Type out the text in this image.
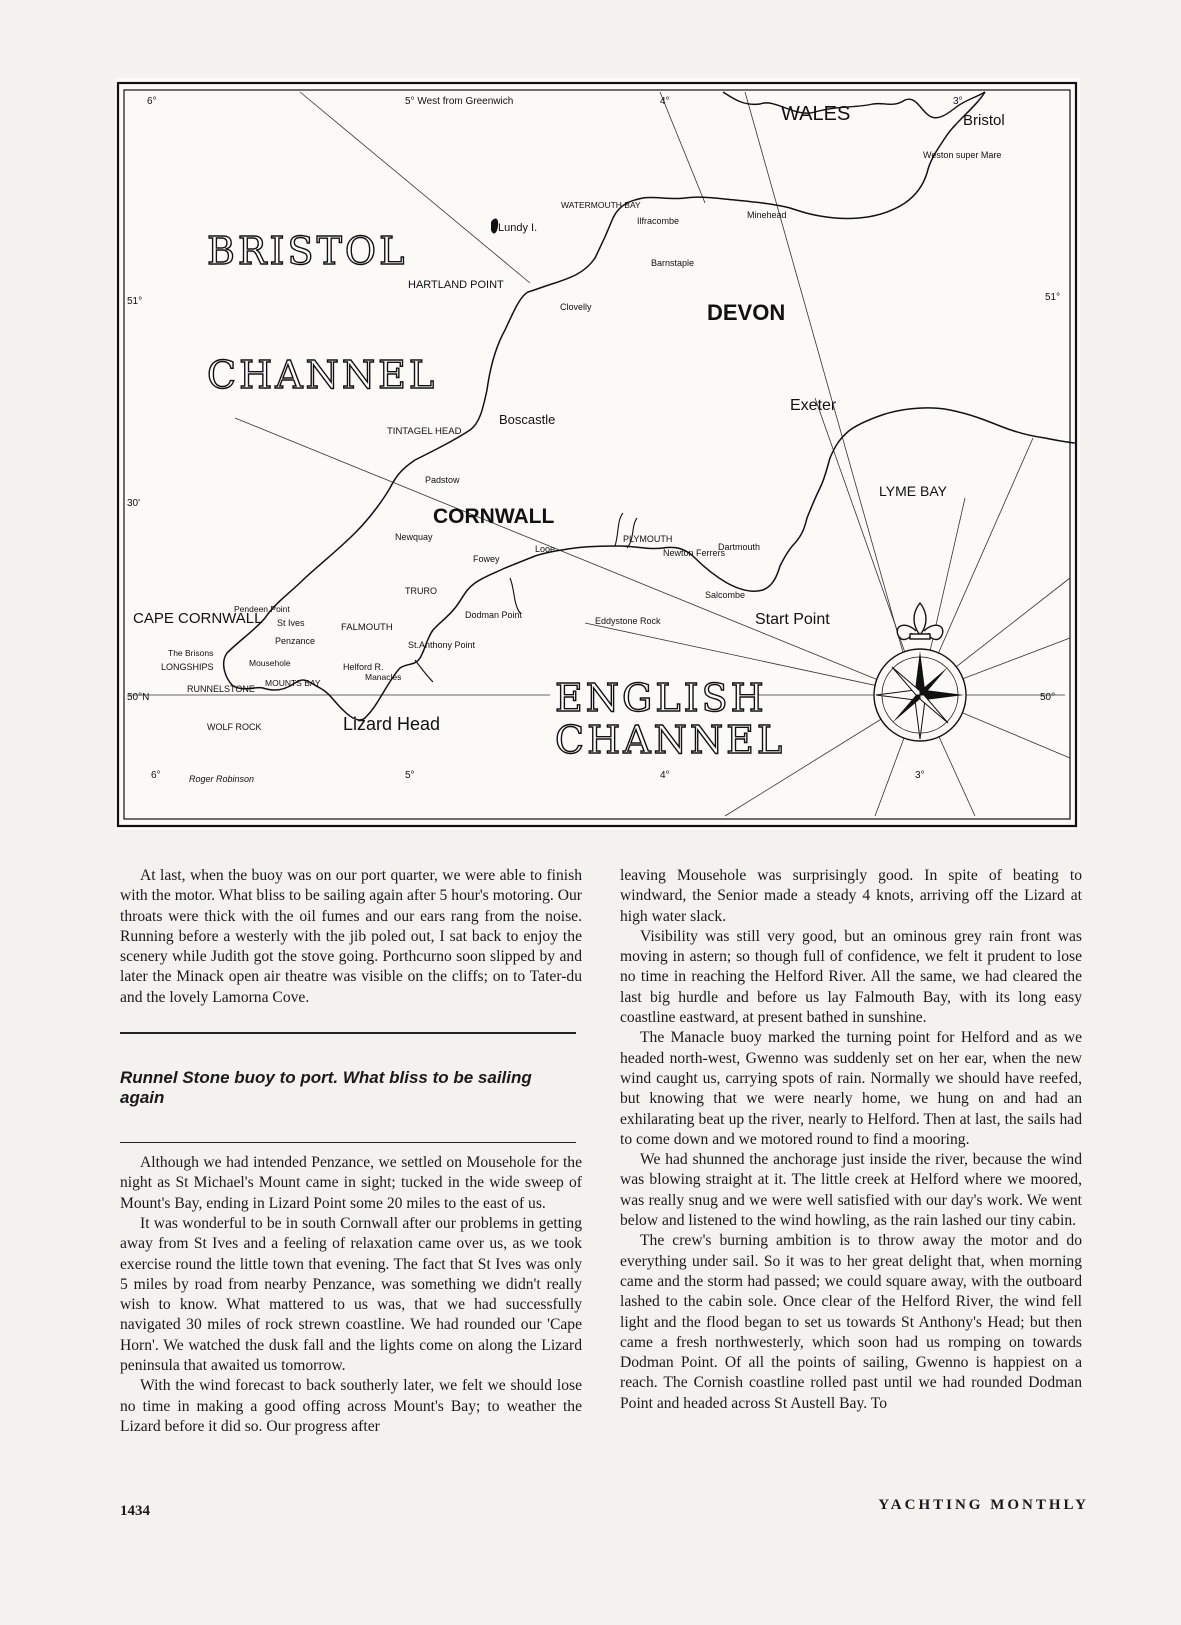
6°	5° West from Greenwich	4°	3°
6°	5°	4°	3°
51°	51°
30'
50°N	50°
BRISTOL
CHANNEL
ENGLISH
CHANNEL
WALES
DEVON
CORNWALL
Bristol
Weston super Mare
Lundy I.
WATERMOUTH BAY
Ilfracombe
Minehead
Barnstaple
HARTLAND POINT
Clovelly
Boscastle
TINTAGEL HEAD
Padstow
Exeter
LYME BAY
Newquay	PLYMOUTH
Dartmouth
Fowey
Looe	Newton Ferrers
TRURO
Dodman Point
Pendeen Point
St Ives	Eddystone Rock
Salcombe
Start Point
CAPE CORNWALL
FALMOUTH
Penzance	St.Anthony Point
The Brisons
LONGSHIPS	Mousehole	Helford R.
MOUNTS BAY
RUNNELSTONE
Manacles
Lizard Head
WOLF ROCK
Roger Robinson

At last, when the buoy was on our port quarter, we were able to finish with the motor. What bliss to be sailing again after 5 hour's motoring. Our throats were thick with the oil fumes and our ears rang from the noise. Running before a westerly with the jib poled out, I sat back to enjoy the scenery while Judith got the stove going. Porthcurno soon slipped by and later the Minack open air theatre was visible on the cliffs; on to Tater-du and the lovely Lamorna Cove.

Runnel Stone buoy to port. What bliss to be sailing again

Although we had intended Penzance, we settled on Mousehole for the night as St Michael's Mount came in sight; tucked in the wide sweep of Mount's Bay, ending in Lizard Point some 20 miles to the east of us.

It was wonderful to be in south Cornwall after our problems in getting away from St Ives and a feeling of relaxation came over us, as we took exercise round the little town that evening. The fact that St Ives was only 5 miles by road from nearby Penzance, was something we didn't really wish to know. What mattered to us was, that we had successfully navigated 30 miles of rock strewn coastline. We had rounded our 'Cape Horn'. We watched the dusk fall and the lights come on along the Lizard peninsula that awaited us tomorrow.

With the wind forecast to back southerly later, we felt we should lose no time in making a good offing across Mount's Bay; to weather the Lizard before it did so. Our progress after

leaving Mousehole was surprisingly good. In spite of beating to windward, the Senior made a steady 4 knots, arriving off the Lizard at high water slack.

Visibility was still very good, but an ominous grey rain front was moving in astern; so though full of confidence, we felt it prudent to lose no time in reaching the Helford River. All the same, we had cleared the last big hurdle and before us lay Falmouth Bay, with its long easy coastline eastward, at present bathed in sunshine.

The Manacle buoy marked the turning point for Helford and as we headed north-west, Gwenno was suddenly set on her ear, when the new wind caught us, carrying spots of rain. Normally we should have reefed, but knowing that we were nearly home, we hung on and had an exhilarating beat up the river, nearly to Helford. Then at last, the sails had to come down and we motored round to find a mooring.

We had shunned the anchorage just inside the river, because the wind was blowing straight at it. The little creek at Helford where we moored, was really snug and we were well satisfied with our day's work. We went below and listened to the wind howling, as the rain lashed our tiny cabin.

The crew's burning ambition is to throw away the motor and do everything under sail. So it was to her great delight that, when morning came and the storm had passed; we could square away, with the outboard lashed to the cabin sole. Once clear of the Helford River, the wind fell light and the flood began to set us towards St Anthony's Head; but then came a fresh northwesterly, which soon had us romping on towards Dodman Point. Of all the points of sailing, Gwenno is happiest on a reach. The Cornish coastline rolled past until we had rounded Dodman Point and headed across St Austell Bay. To

1434	YACHTING MONTHLY
